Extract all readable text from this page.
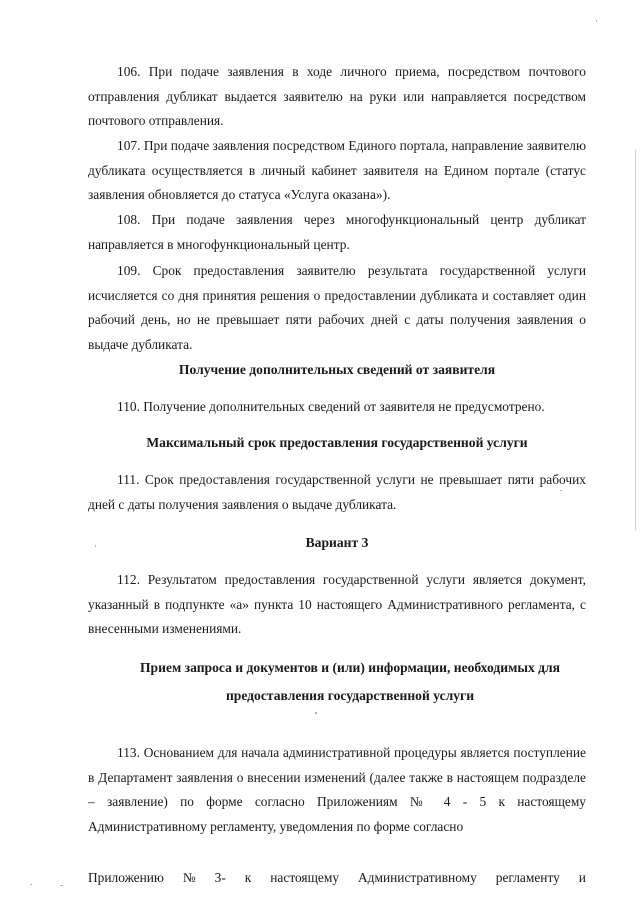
106. При подаче заявления в ходе личного приема, посредством почтового отправления дубликат выдается заявителю на руки или направляется посредством почтового отправления.

107. При подаче заявления посредством Единого портала, направление заявителю дубликата осуществляется в личный кабинет заявителя на Едином портале (статус заявления обновляется до статуса «Услуга оказана»).

108. При подаче заявления через многофункциональный центр дубликат направляется в многофункциональный центр.

109. Срок предоставления заявителю результата государственной услуги исчисляется со дня принятия решения о предоставлении дубликата и составляет один рабочий день, но не превышает пяти рабочих дней с даты получения заявления о выдаче дубликата.

Получение дополнительных сведений от заявителя

110. Получение дополнительных сведений от заявителя не предусмотрено.

Максимальный срок предоставления государственной услуги

111. Срок предоставления государственной услуги не превышает пяти рабочих дней с даты получения заявления о выдаче дубликата.

Вариант 3

112. Результатом предоставления государственной услуги является документ, указанный в подпункте «а» пункта 10 настоящего Административного регламента, с внесенными изменениями.

Прием запроса и документов и (или) информации, необходимых для
предоставления государственной услуги

113. Основанием для начала административной процедуры является поступление в Департамент заявления о внесении изменений (далее также в настоящем подразделе – заявление) по форме согласно Приложениям № 4 - 5 к настоящему Административному регламенту, уведомления по форме согласно

Приложению № 3- к настоящему Административному регламенту и
